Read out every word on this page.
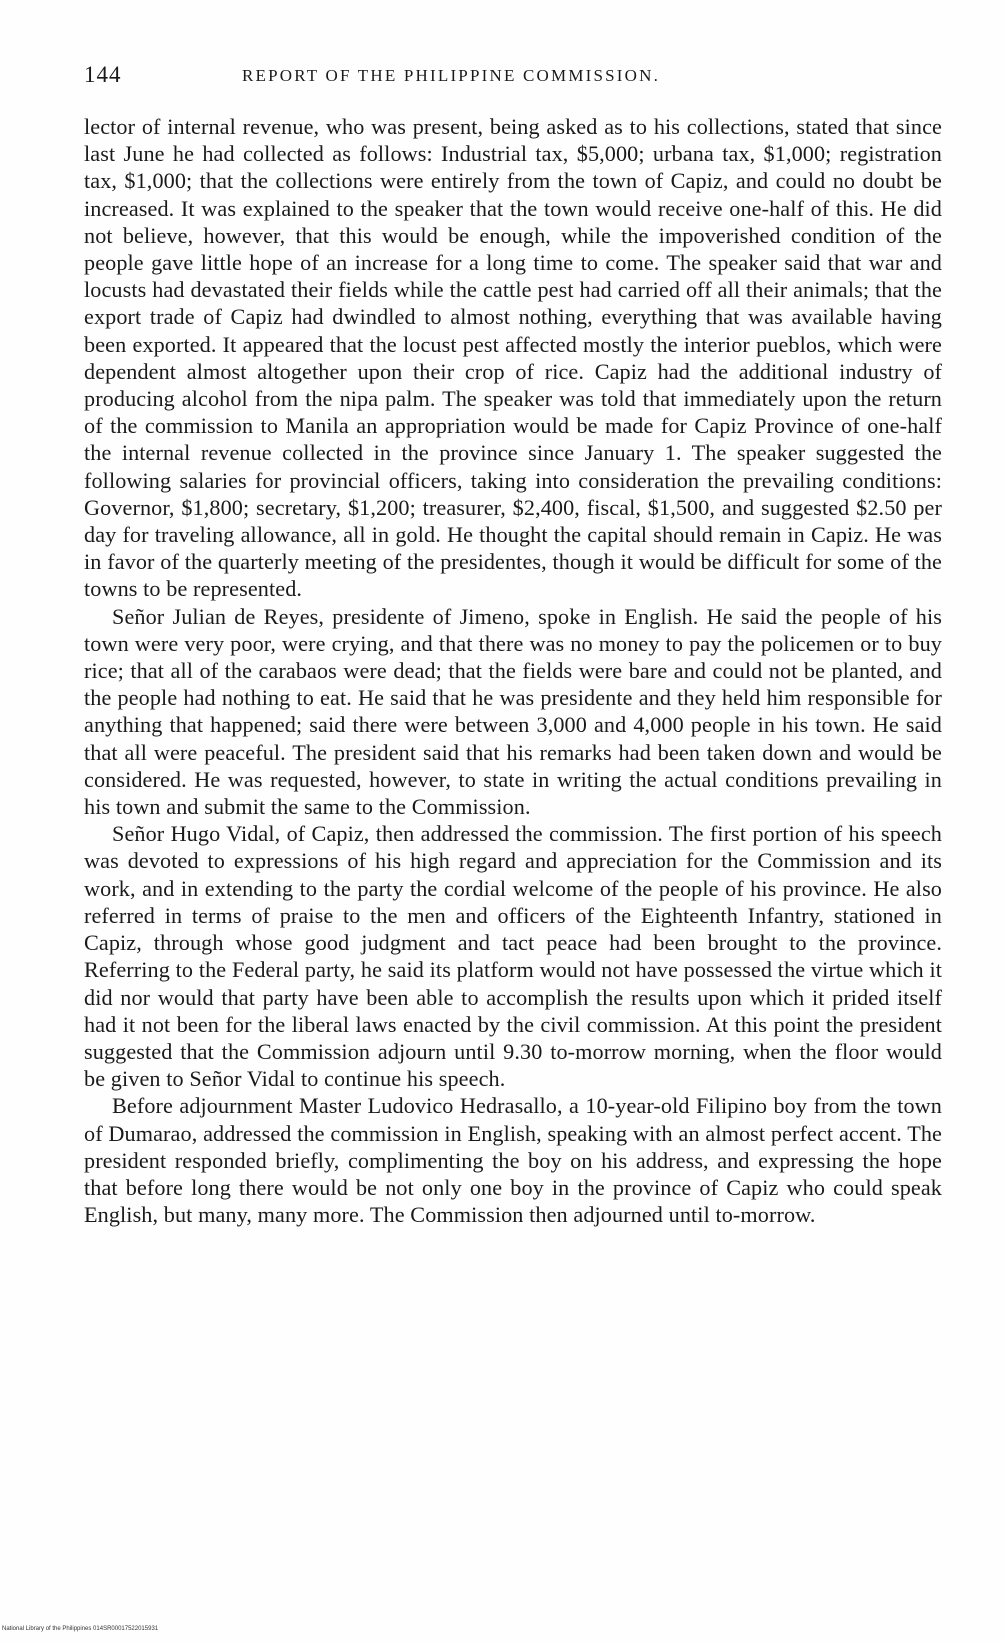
144	REPORT OF THE PHILIPPINE COMMISSION.

lector of internal revenue, who was present, being asked as to his collections, stated that since last June he had collected as follows: Industrial tax, $5,000; urbana tax, $1,000; registration tax, $1,000; that the collections were entirely from the town of Capiz, and could no doubt be increased. It was explained to the speaker that the town would receive one-half of this. He did not believe, however, that this would be enough, while the impoverished condition of the people gave little hope of an increase for a long time to come. The speaker said that war and locusts had devastated their fields while the cattle pest had carried off all their animals; that the export trade of Capiz had dwindled to almost nothing, everything that was available having been exported. It appeared that the locust pest affected mostly the interior pueblos, which were dependent almost altogether upon their crop of rice. Capiz had the additional industry of producing alcohol from the nipa palm. The speaker was told that immediately upon the return of the commission to Manila an appropriation would be made for Capiz Province of one-half the internal revenue collected in the province since January 1. The speaker suggested the following salaries for provincial officers, taking into consideration the prevailing conditions: Governor, $1,800; secretary, $1,200; treasurer, $2,400, fiscal, $1,500, and suggested $2.50 per day for traveling allowance, all in gold. He thought the capital should remain in Capiz. He was in favor of the quarterly meeting of the presidentes, though it would be difficult for some of the towns to be represented.

Señor Julian de Reyes, presidente of Jimeno, spoke in English. He said the people of his town were very poor, were crying, and that there was no money to pay the policemen or to buy rice; that all of the carabaos were dead; that the fields were bare and could not be planted, and the people had nothing to eat. He said that he was presidente and they held him responsible for anything that happened; said there were between 3,000 and 4,000 people in his town. He said that all were peaceful. The president said that his remarks had been taken down and would be considered. He was requested, however, to state in writing the actual conditions prevailing in his town and submit the same to the Commission.

Señor Hugo Vidal, of Capiz, then addressed the commission. The first portion of his speech was devoted to expressions of his high regard and appreciation for the Commission and its work, and in extending to the party the cordial welcome of the people of his province. He also referred in terms of praise to the men and officers of the Eighteenth Infantry, stationed in Capiz, through whose good judgment and tact peace had been brought to the province. Referring to the Federal party, he said its platform would not have possessed the virtue which it did nor would that party have been able to accomplish the results upon which it prided itself had it not been for the liberal laws enacted by the civil commission. At this point the president suggested that the Commission adjourn until 9.30 to-morrow morning, when the floor would be given to Señor Vidal to continue his speech.

Before adjournment Master Ludovico Hedrasallo, a 10-year-old Filipino boy from the town of Dumarao, addressed the commission in English, speaking with an almost perfect accent. The president responded briefly, complimenting the boy on his address, and expressing the hope that before long there would be not only one boy in the province of Capiz who could speak English, but many, many more. The Commission then adjourned until to-morrow.

National Library of the Philippines 014SR00017522015931
